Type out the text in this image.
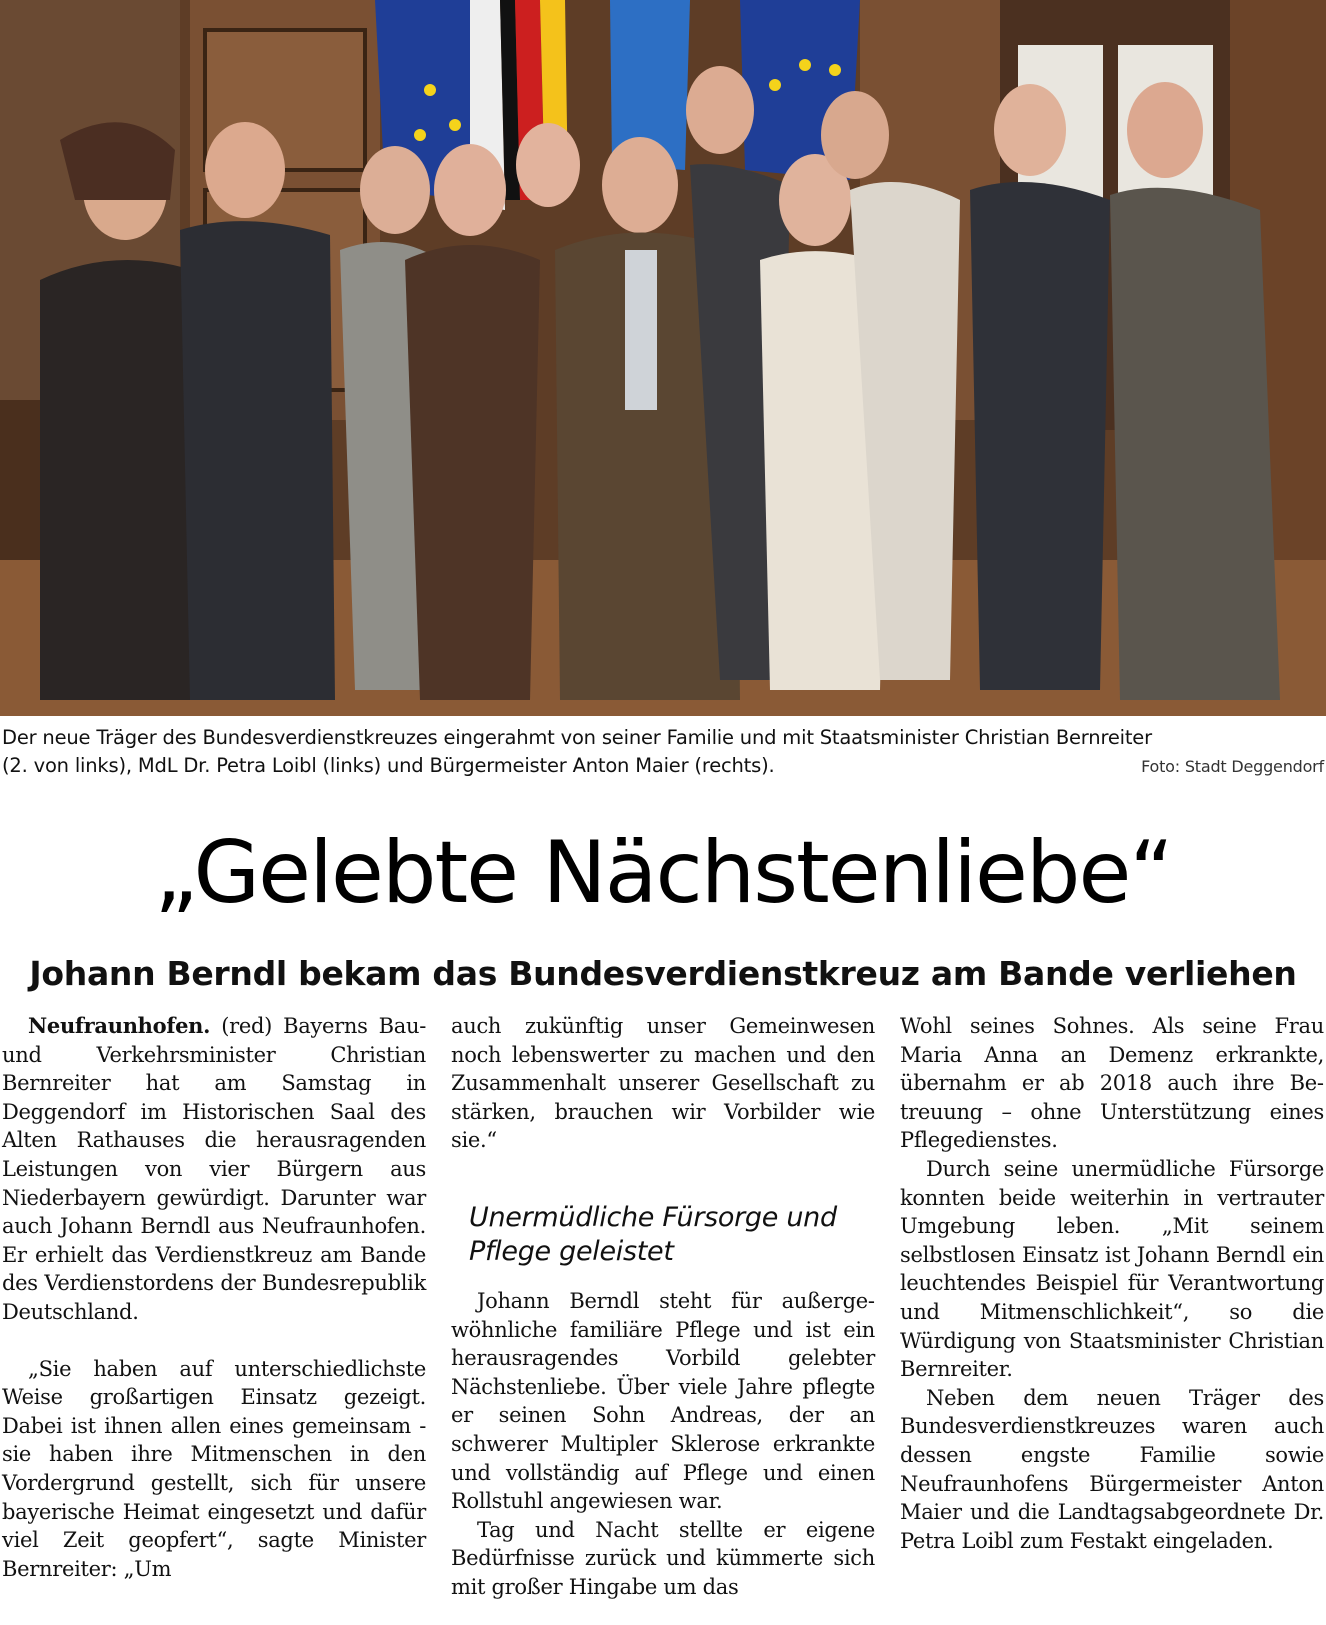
Der neue Träger des Bundesverdienstkreuzes eingerahmt von seiner Familie und mit Staatsminister Christian Bernreiter
(2. von links), MdL Dr. Petra Loibl (links) und Bürgermeister Anton Maier (rechts).	Foto: Stadt Deggendorf
„Gelebte Nächstenliebe“
Johann Berndl bekam das Bundesverdienstkreuz am Bande verliehen

Neufraunhofen. (red) Bayerns Bau- und Verkehrsminister Christian Bernreiter hat am Samstag in Deggendorf im Historischen Saal des Alten Rathauses die herausragenden Leistungen von vier Bürgern aus Niederbayern gewürdigt. Darunter war auch Johann Berndl aus Neufraunhofen. Er erhielt das Verdienstkreuz am Bande des Verdienstordens der Bundesrepublik Deutschland.

„Sie haben auf unterschiedlichste Weise großartigen Einsatz gezeigt. Dabei ist ihnen allen eines gemeinsam - sie haben ihre Mitmenschen in den Vordergrund gestellt, sich für unsere bayerische Heimat eingesetzt und dafür viel Zeit geopfert“, sagte Minister Bernreiter: „Um

auch zukünftig unser Gemeinwesen noch lebenswerter zu machen und den Zusammenhalt unserer Gesellschaft zu stärken, brauchen wir Vorbilder wie sie.“

Unermüdliche Fürsorge und Pflege geleistet

Johann Berndl steht für außergewöhnliche familiäre Pflege und ist ein herausragendes Vorbild gelebter Nächstenliebe. Über viele Jahre pflegte er seinen Sohn Andreas, der an schwerer Multipler Sklerose erkrankte und vollständig auf Pflege und einen Rollstuhl angewiesen war.

Tag und Nacht stellte er eigene Bedürfnisse zurück und kümmerte sich mit großer Hingabe um das

Wohl seines Sohnes. Als seine Frau Maria Anna an Demenz erkrankte, übernahm er ab 2018 auch ihre Betreuung – ohne Unterstützung eines Pflegedienstes.

Durch seine unermüdliche Fürsorge konnten beide weiterhin in vertrauter Umgebung leben. „Mit seinem selbstlosen Einsatz ist Johann Berndl ein leuchtendes Beispiel für Verantwortung und Mitmenschlichkeit“, so die Würdigung von Staatsminister Christian Bernreiter.

Neben dem neuen Träger des Bundesverdienstkreuzes waren auch dessen engste Familie sowie Neufraunhofens Bürgermeister Anton Maier und die Landtagsabgeordnete Dr. Petra Loibl zum Festakt eingeladen.
